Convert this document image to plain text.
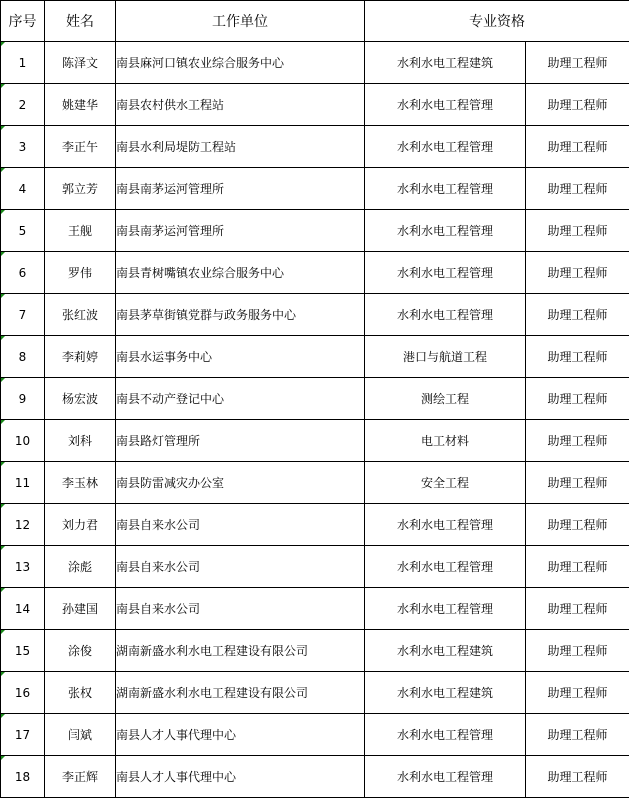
序号	姓名	工作单位	专业资格	
1	陈泽文	南县麻河口镇农业综合服务中心	水利水电工程建筑	助理工程师
2	姚建华	南县农村供水工程站	水利水电工程管理	助理工程师
3	李正午	南县水利局堤防工程站	水利水电工程管理	助理工程师
4	郭立芳	南县南茅运河管理所	水利水电工程管理	助理工程师
5	王舰	南县南茅运河管理所	水利水电工程管理	助理工程师
6	罗伟	南县青树嘴镇农业综合服务中心	水利水电工程管理	助理工程师
7	张红波	南县茅草街镇党群与政务服务中心	水利水电工程管理	助理工程师
8	李莉婷	南县水运事务中心	港口与航道工程	助理工程师
9	杨宏波	南县不动产登记中心	测绘工程	助理工程师
10	刘科	南县路灯管理所	电工材料	助理工程师
11	李玉林	南县防雷减灾办公室	安全工程	助理工程师
12	刘力君	南县自来水公司	水利水电工程管理	助理工程师
13	涂彪	南县自来水公司	水利水电工程管理	助理工程师
14	孙建国	南县自来水公司	水利水电工程管理	助理工程师
15	涂俊	湖南新盛水利水电工程建设有限公司	水利水电工程建筑	助理工程师
16	张权	湖南新盛水利水电工程建设有限公司	水利水电工程建筑	助理工程师
17	闫斌	南县人才人事代理中心	水利水电工程管理	助理工程师
18	李正辉	南县人才人事代理中心	水利水电工程管理	助理工程师
